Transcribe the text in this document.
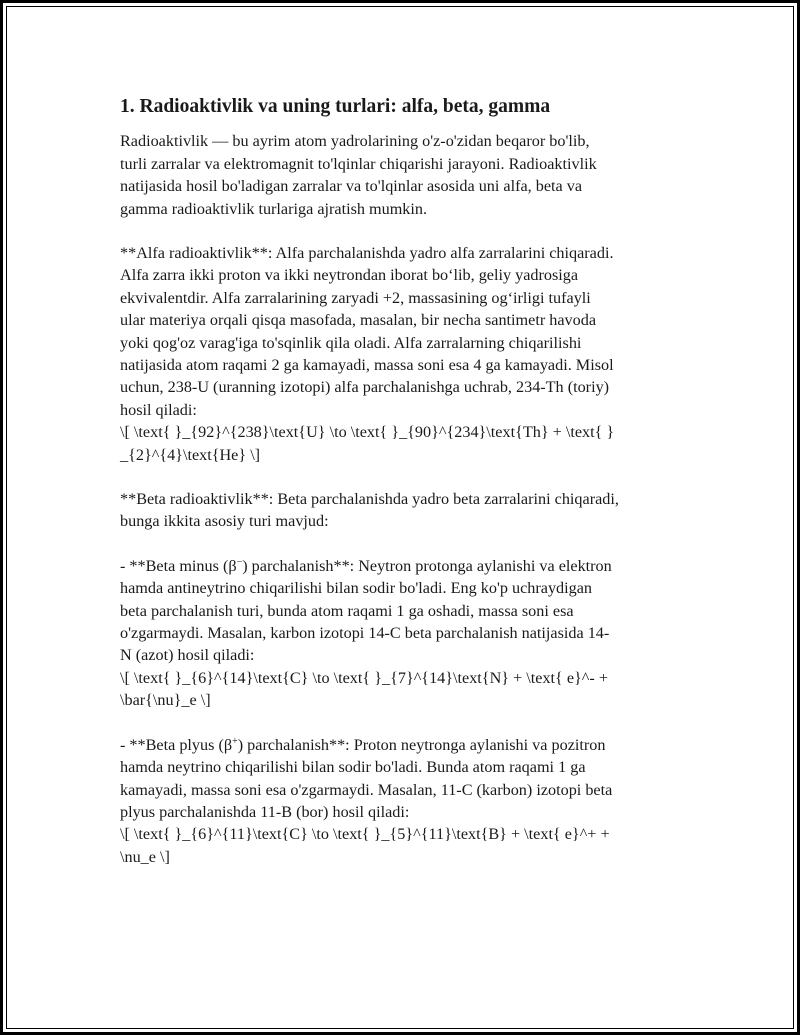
1. Radioaktivlik va uning turlari: alfa, beta, gamma
Radioaktivlik — bu ayrim atom yadrolarining o'z-o'zidan beqaror bo'lib,
turli zarralar va elektromagnit to'lqinlar chiqarishi jarayoni. Radioaktivlik
natijasida hosil bo'ladigan zarralar va to'lqinlar asosida uni alfa, beta va
gamma radioaktivlik turlariga ajratish mumkin.
**Alfa radioaktivlik**: Alfa parchalanishda yadro alfa zarralarini chiqaradi.
Alfa zarra ikki proton va ikki neytrondan iborat bo‘lib, geliy yadrosiga
ekvivalentdir. Alfa zarralarining zaryadi +2, massasining og‘irligi tufayli
ular materiya orqali qisqa masofada, masalan, bir necha santimetr havoda
yoki qog'oz varag'iga to'sqinlik qila oladi. Alfa zarralarning chiqarilishi
natijasida atom raqami 2 ga kamayadi, massa soni esa 4 ga kamayadi. Misol
uchun, 238-U (uranning izotopi) alfa parchalanishga uchrab, 234-Th (toriy)
hosil qiladi:
\[ \text{ }_{92}^{238}\text{U} \to \text{ }_{90}^{234}\text{Th} + \text{ }
_{2}^{4}\text{He} \]
**Beta radioaktivlik**: Beta parchalanishda yadro beta zarralarini chiqaradi,
bunga ikkita asosiy turi mavjud:
- **Beta minus (β−) parchalanish**: Neytron protonga aylanishi va elektron
hamda antineytrino chiqarilishi bilan sodir bo'ladi. Eng ko'p uchraydigan
beta parchalanish turi, bunda atom raqami 1 ga oshadi, massa soni esa
o'zgarmaydi. Masalan, karbon izotopi 14-C beta parchalanish natijasida 14-
N (azot) hosil qiladi:
\[ \text{ }_{6}^{14}\text{C} \to \text{ }_{7}^{14}\text{N} + \text{ e}^- +
\bar{\nu}_e \]
- **Beta plyus (β+) parchalanish**: Proton neytronga aylanishi va pozitron
hamda neytrino chiqarilishi bilan sodir bo'ladi. Bunda atom raqami 1 ga
kamayadi, massa soni esa o'zgarmaydi. Masalan, 11-C (karbon) izotopi beta
plyus parchalanishda 11-B (bor) hosil qiladi:
\[ \text{ }_{6}^{11}\text{C} \to \text{ }_{5}^{11}\text{B} + \text{ e}^+ +
\nu_e \]
